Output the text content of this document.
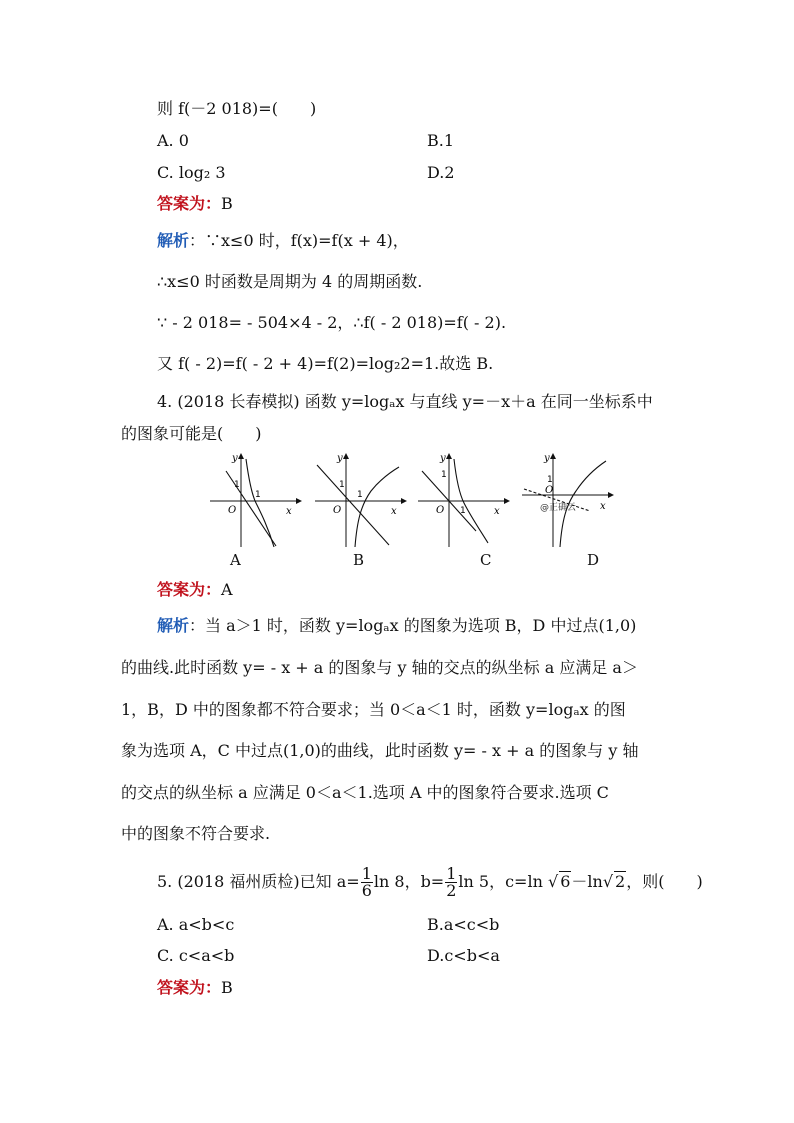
则 f(－2 018)=(　　)
A. 0	B.1
C. log₂ 3	D.2
答案为：B
解析：∵x≤0 时，f(x)=f(x + 4)，
∴x≤0 时函数是周期为 4 的周期函数.
∵ - 2 018= - 504×4 - 2，∴f( - 2 018)=f( - 2).
又 f( - 2)=f( - 2 + 4)=f(2)=log₂2=1.故选 B.
4. (2018 长春模拟) 函数 y=logₐx 与直线 y=－x＋a 在同一坐标系中
的图象可能是(　　)
y
x
O
1
1
A
y
x
O
1
1
B
y
x
O
1
1
C
y
x
O
1
@正确云
D
答案为：A
解析：当 a＞1 时，函数 y=logₐx 的图象为选项 B，D 中过点(1,0)
的曲线.此时函数 y= - x + a 的图象与 y 轴的交点的纵坐标 a 应满足 a＞
1，B，D 中的图象都不符合要求；当 0＜a＜1 时，函数 y=logₐx 的图
象为选项 A，C 中过点(1,0)的曲线，此时函数 y= - x + a 的图象与 y 轴
的交点的纵坐标 a 应满足 0＜a＜1.选项 A 中的图象符合要求.选项 C
中的图象不符合要求.
5. (2018 福州质检)已知 $a= \frac{1}{6}$ ln 8，$b= \frac{1}{2}$ ln 5，c=ln √ 6－ln√ 2，则(　　)
A. a<b<c	B.a<c<b
C. c<a<b	D.c<b<a
答案为：B
